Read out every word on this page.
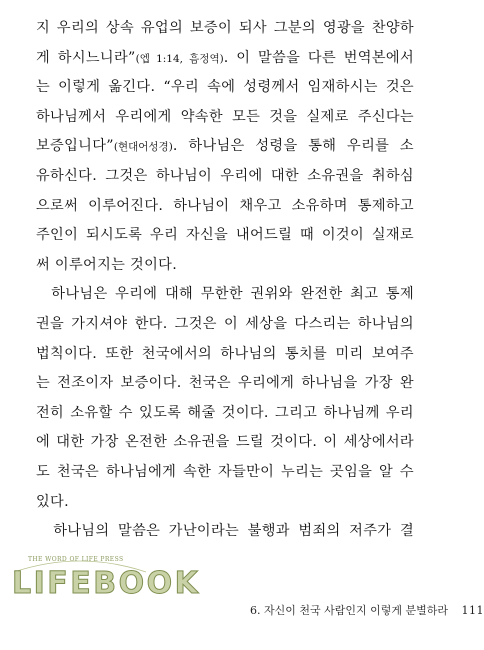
지 우리의 상속 유업의 보증이 되사 그분의 영광을 찬양하
게 하시느니라”(엡 1:14, 흠정역). 이 말씀을 다른 번역본에서
는 이렇게 옮긴다. “우리 속에 성령께서 임재하시는 것은
하나님께서 우리에게 약속한 모든 것을 실제로 주신다는
보증입니다”(현대어성경). 하나님은 성령을 통해 우리를 소
유하신다. 그것은 하나님이 우리에 대한 소유권을 취하심
으로써 이루어진다. 하나님이 채우고 소유하며 통제하고
주인이 되시도록 우리 자신을 내어드릴 때 이것이 실재로
써 이루어지는 것이다.
하나님은 우리에 대해 무한한 권위와 완전한 최고 통제
권을 가지셔야 한다. 그것은 이 세상을 다스리는 하나님의
법칙이다. 또한 천국에서의 하나님의 통치를 미리 보여주
는 전조이자 보증이다. 천국은 우리에게 하나님을 가장 완
전히 소유할 수 있도록 해줄 것이다. 그리고 하나님께 우리
에 대한 가장 온전한 소유권을 드릴 것이다. 이 세상에서라
도 천국은 하나님에게 속한 자들만이 누리는 곳임을 알 수
있다.
하나님의 말씀은 가난이라는 불행과 범죄의 저주가 결
THE WORD OF LIFE PRESS
LIFEBOOK
6. 자신이 천국 사람인지 이렇게 분별하라 111
